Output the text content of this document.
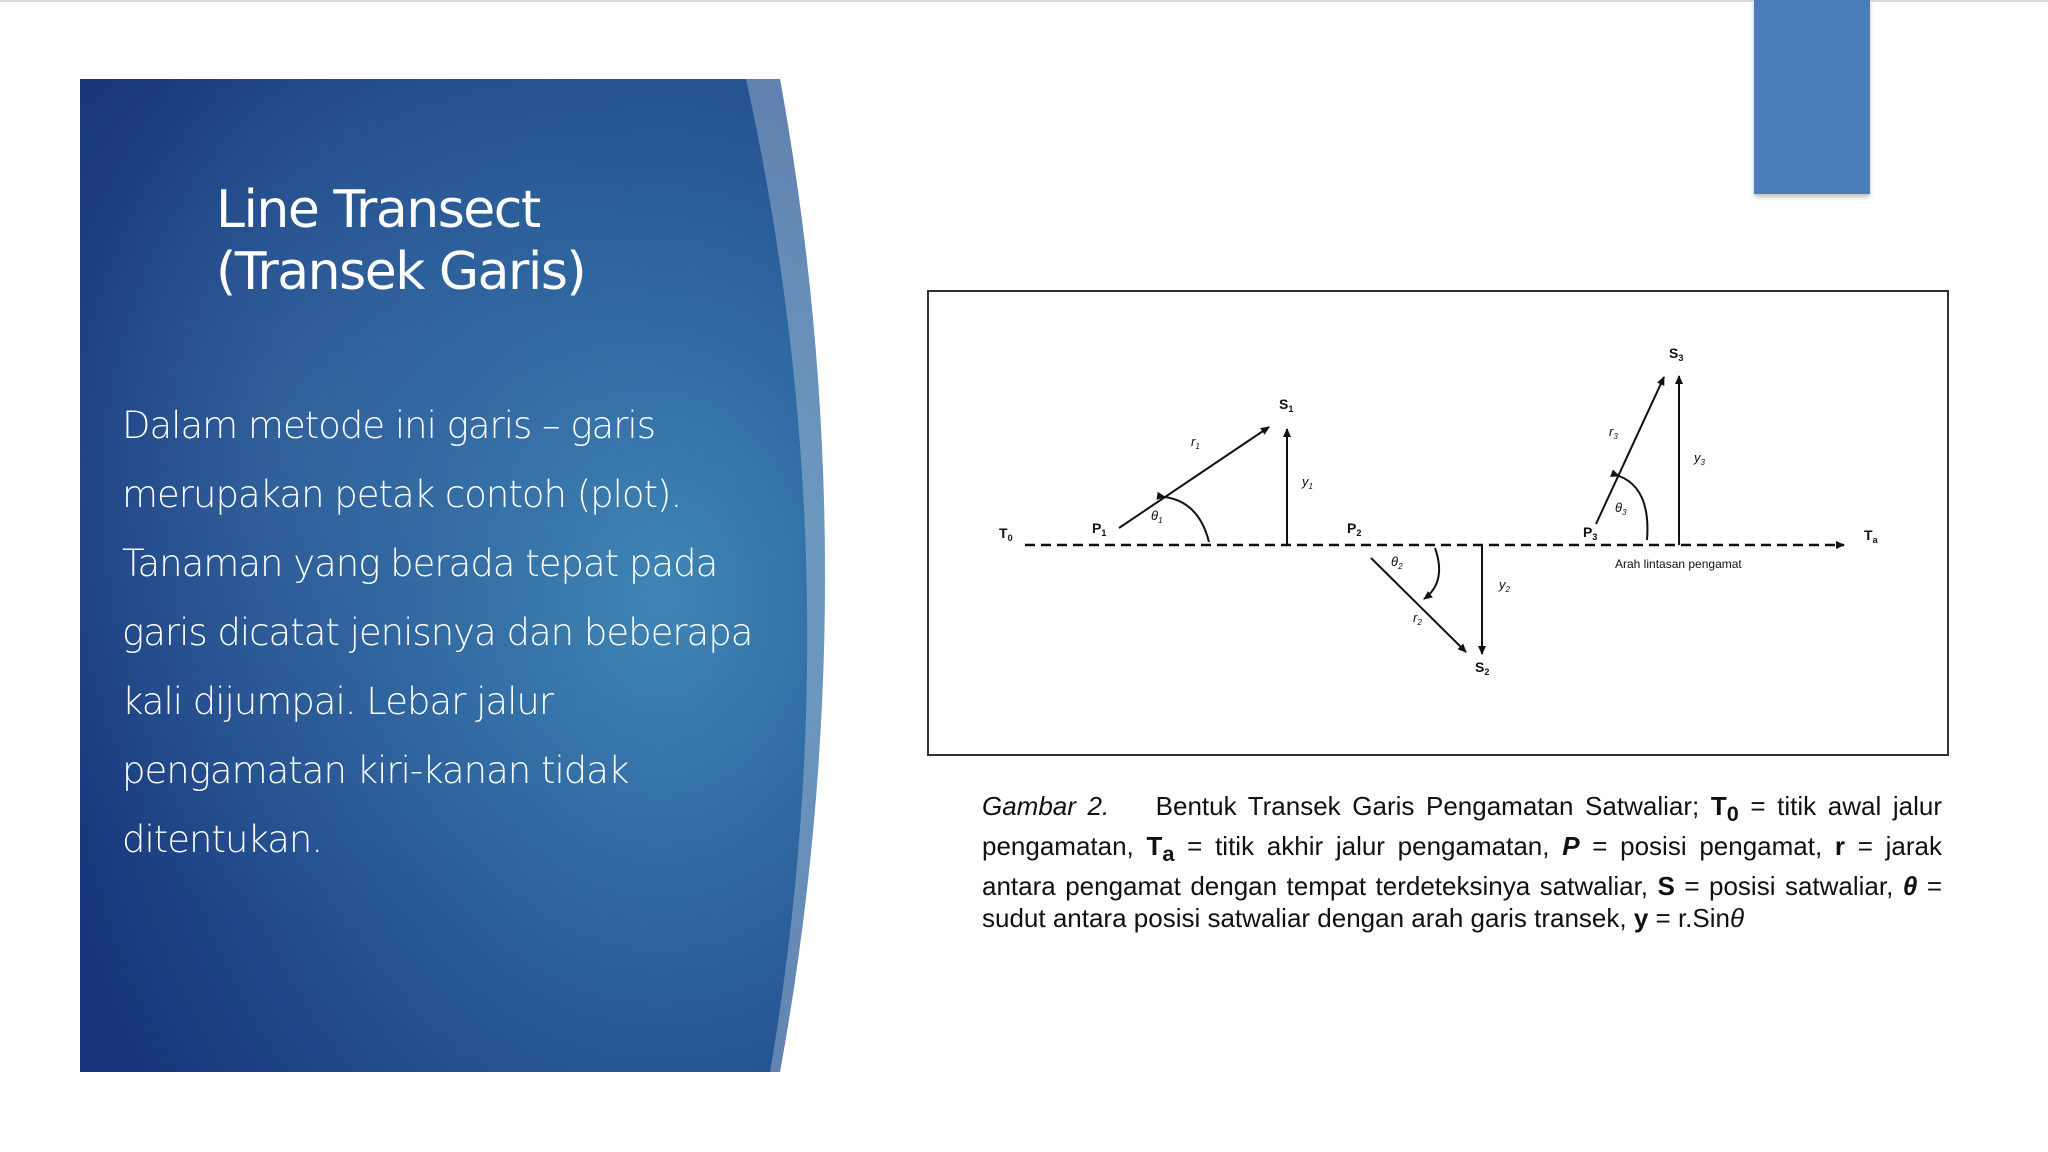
Line Transect
(Transek Garis)
Dalam metode ini garis – garis merupakan petak contoh (plot). Tanaman yang berada tepat pada garis dicatat jenisnya dan beberapa kali dijumpai. Lebar jalur pengamatan kiri-kanan tidak ditentukan.
$T_0$	$T_a$
$P_1$	$P_2$	$P_3$
$S_1$
$S_2$
$S_3$
$r_1$
$r_2$
$r_3$
$y_1$
$y_2$
$y_3$
$\theta_1$
$\theta_2$
$\theta_3$
Arah lintasan pengamat
Gambar 2. Bentuk Transek Garis Pengamatan Satwaliar; $T_0$ = titik awal jalur pengamatan, $T_a$ = titik akhir jalur pengamatan, P = posisi pengamat, r = jarak antara pengamat dengan tempat terdeteksinya satwaliar, S = posisi satwaliar, θ = sudut antara posisi satwaliar dengan arah garis transek, y = r.Sinθ
